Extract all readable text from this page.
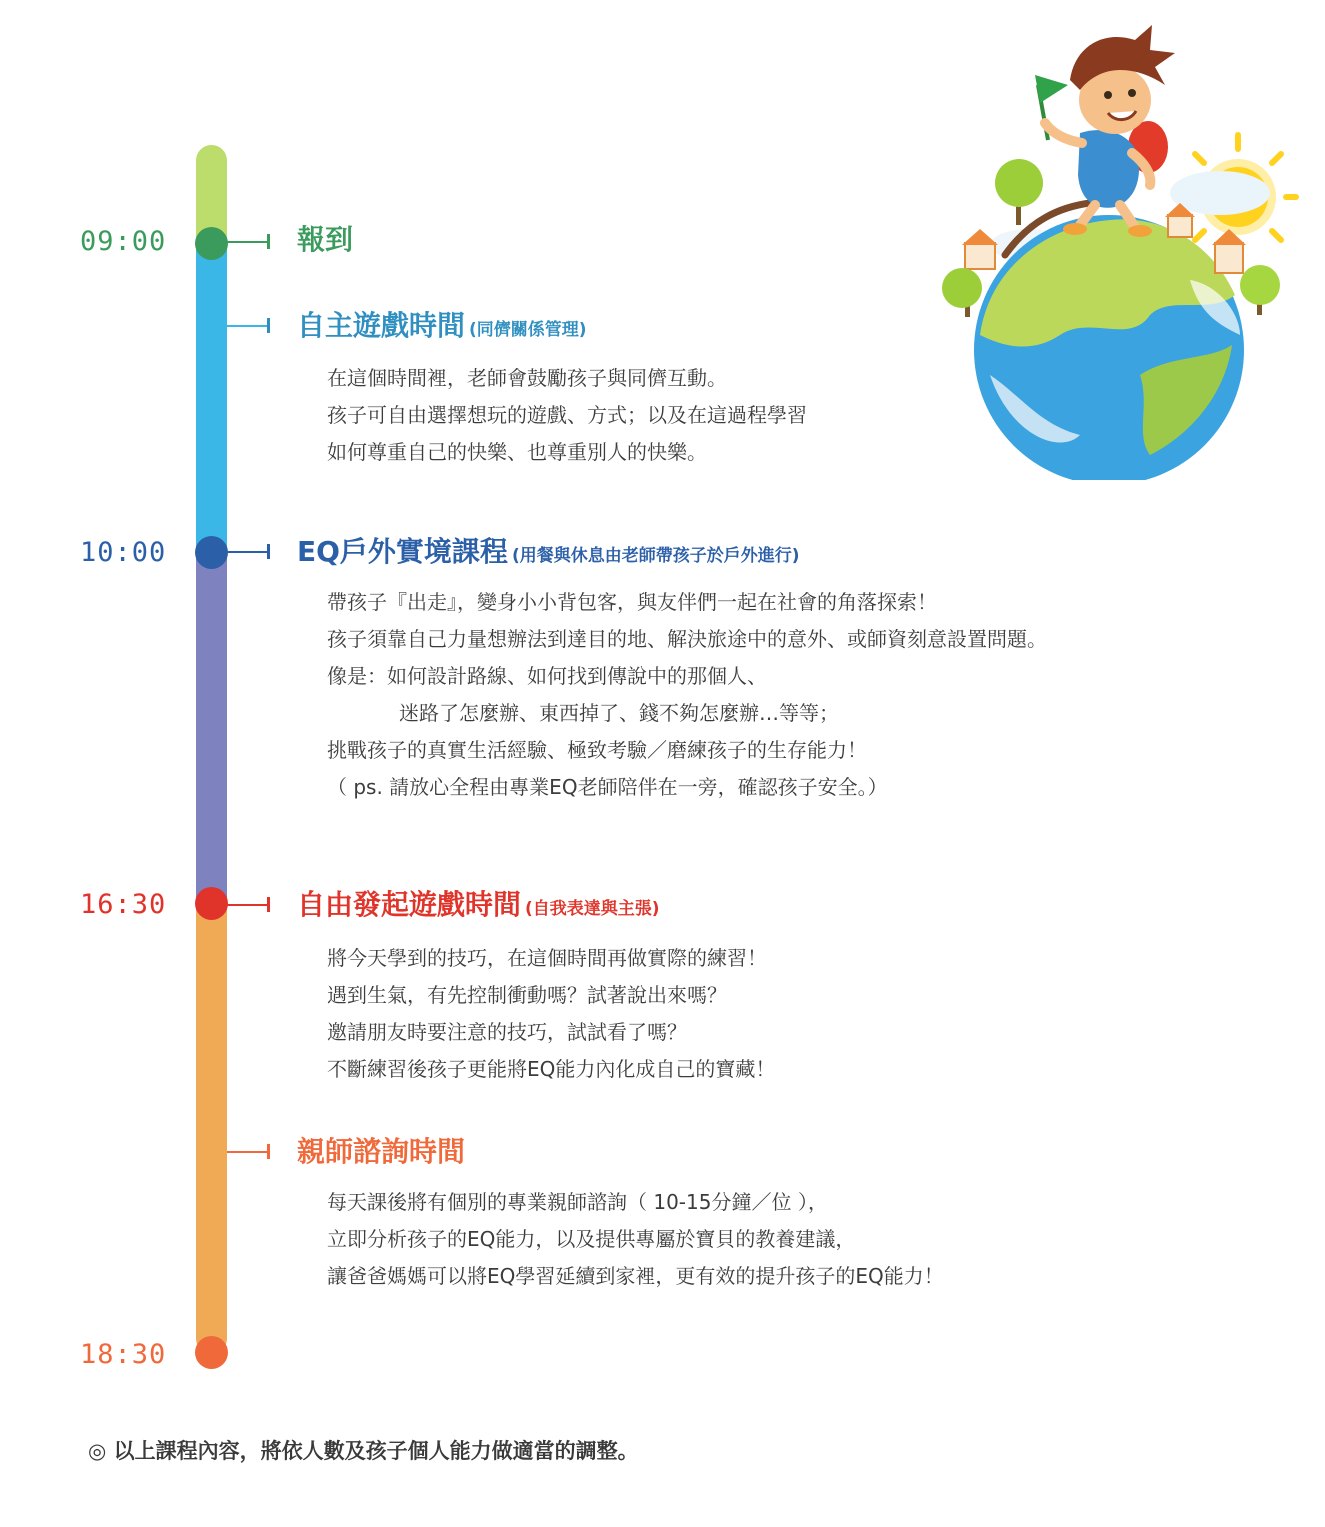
09:00
10:00
16:30
18:30
報到
自主遊戲時間 (同儕關係管理)
EQ戶外實境課程 (用餐與休息由老師帶孩子於戶外進行)
自由發起遊戲時間 (自我表達與主張)
親師諮詢時間
在這個時間裡，老師會鼓勵孩子與同儕互動。
孩子可自由選擇想玩的遊戲、方式；以及在這過程學習
如何尊重自己的快樂、也尊重別人的快樂。
帶孩子『出走』，變身小小背包客，與友伴們一起在社會的角落探索！
孩子須靠自己力量想辦法到達目的地、解決旅途中的意外、或師資刻意設置問題。
像是：如何設計路線、如何找到傳說中的那個人、
迷路了怎麼辦、東西掉了、錢不夠怎麼辦…等等；
挑戰孩子的真實生活經驗、極致考驗／磨練孩子的生存能力！
（ ps. 請放心全程由專業EQ老師陪伴在一旁，確認孩子安全。）
將今天學到的技巧，在這個時間再做實際的練習！
遇到生氣，有先控制衝動嗎？試著說出來嗎？
邀請朋友時要注意的技巧，試試看了嗎？
不斷練習後孩子更能將EQ能力內化成自己的寶藏！
每天課後將有個別的專業親師諮詢（ 10-15分鐘／位 ），
立即分析孩子的EQ能力，以及提供專屬於寶貝的教養建議，
讓爸爸媽媽可以將EQ學習延續到家裡，更有效的提升孩子的EQ能力！
◎ 以上課程內容，將依人數及孩子個人能力做適當的調整。
